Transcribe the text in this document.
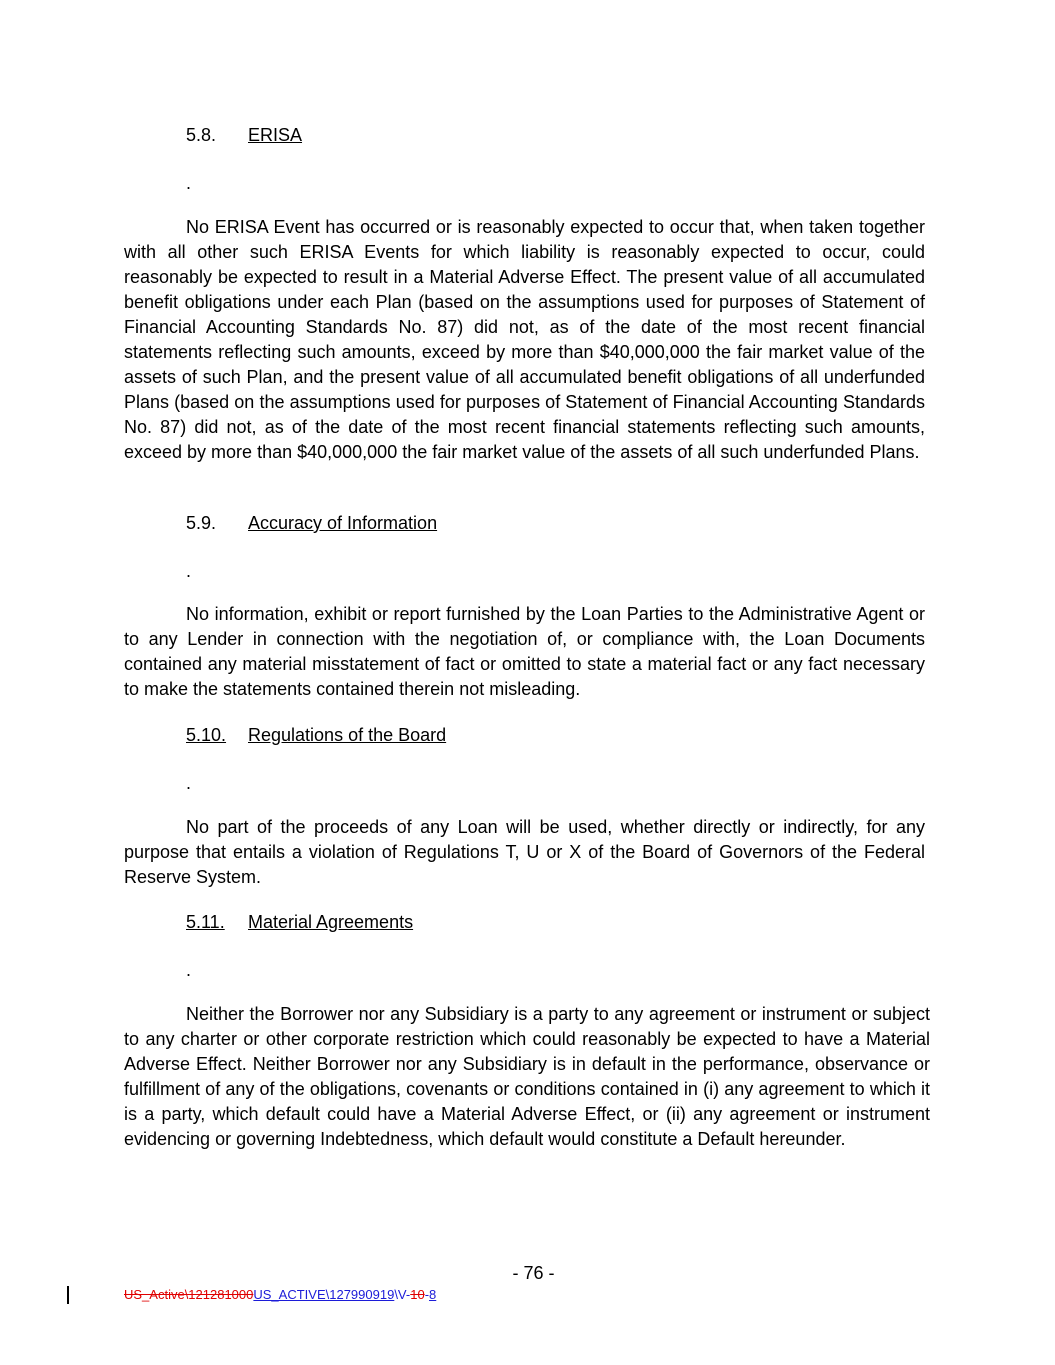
5.8. ERISA
.

No ERISA Event has occurred or is reasonably expected to occur that, when taken together with all other such ERISA Events for which liability is reasonably expected to occur, could reasonably be expected to result in a Material Adverse Effect. The present value of all accumulated benefit obligations under each Plan (based on the assumptions used for purposes of Statement of Financial Accounting Standards No. 87) did not, as of the date of the most recent financial statements reflecting such amounts, exceed by more than $40,000,000 the fair market value of the assets of such Plan, and the present value of all accumulated benefit obligations of all underfunded Plans (based on the assumptions used for purposes of Statement of Financial Accounting Standards No. 87) did not, as of the date of the most recent financial statements reflecting such amounts, exceed by more than $40,000,000 the fair market value of the assets of all such underfunded Plans.

5.9. Accuracy of Information
.

No information, exhibit or report furnished by the Loan Parties to the Administrative Agent or to any Lender in connection with the negotiation of, or compliance with, the Loan Documents contained any material misstatement of fact or omitted to state a material fact or any fact necessary to make the statements contained therein not misleading.

5.10. Regulations of the Board
.

No part of the proceeds of any Loan will be used, whether directly or indirectly, for any purpose that entails a violation of Regulations T, U or X of the Board of Governors of the Federal Reserve System.

5.11. Material Agreements
.

Neither the Borrower nor any Subsidiary is a party to any agreement or instrument or subject to any charter or other corporate restriction which could reasonably be expected to have a Material Adverse Effect. Neither Borrower nor any Subsidiary is in default in the performance, observance or fulfillment of any of the obligations, covenants or conditions contained in (i) any agreement to which it is a party, which default could have a Material Adverse Effect, or (ii) any agreement or instrument evidencing or governing Indebtedness, which default would constitute a Default hereunder.

- 76 -
US_Active\121281000US_ACTIVE\127990919\V-10-8
